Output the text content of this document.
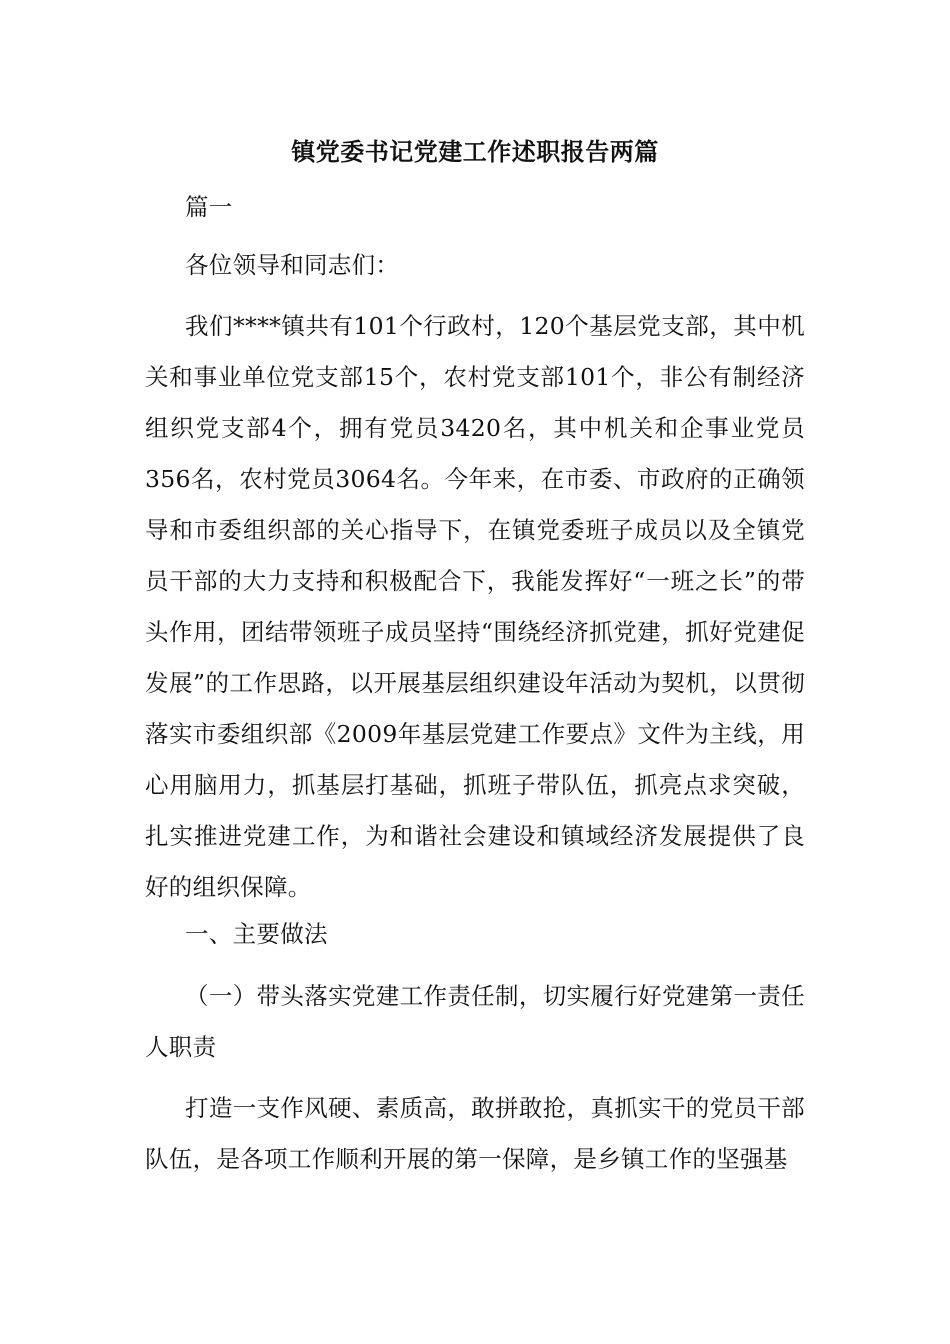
镇党委书记党建工作述职报告两篇
篇一
各位领导和同志们：
我们****镇共有101个行政村，120个基层党支部，其中机关和事业单位党支部15个，农村党支部101个，非公有制经济组织党支部4个，拥有党员3420名，其中机关和企事业党员356名，农村党员3064名。今年来，在市委、市政府的正确领导和市委组织部的关心指导下，在镇党委班子成员以及全镇党员干部的大力支持和积极配合下，我能发挥好“一班之长”的带头作用，团结带领班子成员坚持“围绕经济抓党建，抓好党建促发展”的工作思路，以开展基层组织建设年活动为契机，以贯彻落实市委组织部《2009年基层党建工作要点》文件为主线，用心用脑用力，抓基层打基础，抓班子带队伍，抓亮点求突破，扎实推进党建工作，为和谐社会建设和镇域经济发展提供了良好的组织保障。
一、主要做法
（一）带头落实党建工作责任制，切实履行好党建第一责任人职责
打造一支作风硬、素质高，敢拼敢抢，真抓实干的党员干部队伍，是各项工作顺利开展的第一保障，是乡镇工作的坚强基
